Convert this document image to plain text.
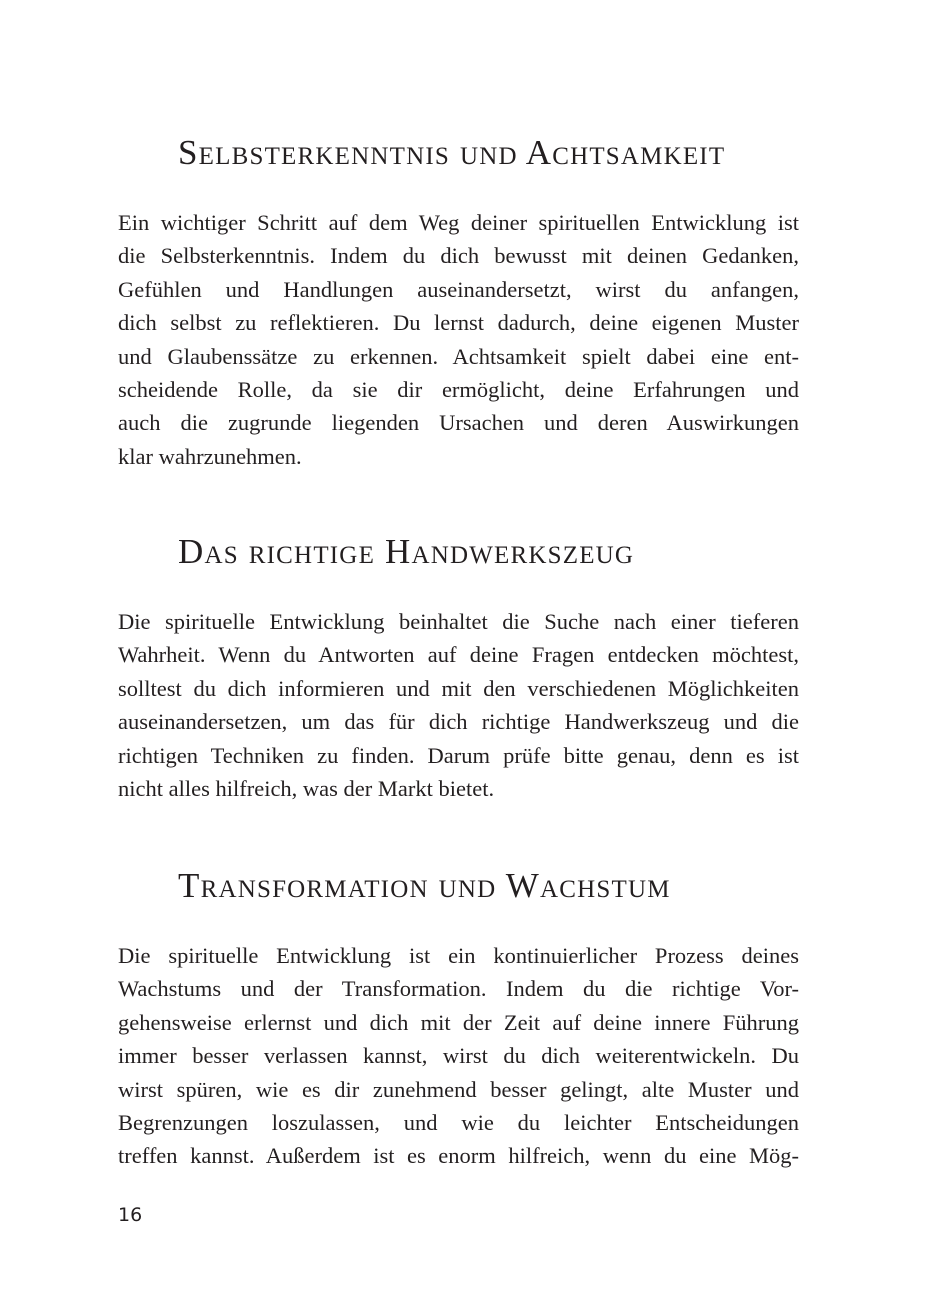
Selbsterkenntnis und Achtsamkeit
Ein wichtiger Schritt auf dem Weg deiner spirituellen Entwicklung ist
die Selbsterkenntnis. Indem du dich bewusst mit deinen Gedanken,
Gefühlen und Handlungen auseinandersetzt, wirst du anfangen,
dich selbst zu reflektieren. Du lernst dadurch, deine eigenen Muster
und Glaubenssätze zu erkennen. Achtsamkeit spielt dabei eine ent-
scheidende Rolle, da sie dir ermöglicht, deine Erfahrungen und
auch die zugrunde liegenden Ursachen und deren Auswirkungen
klar wahrzunehmen.
Das richtige Handwerkszeug
Die spirituelle Entwicklung beinhaltet die Suche nach einer tieferen
Wahrheit. Wenn du Antworten auf deine Fragen entdecken möchtest,
solltest du dich informieren und mit den verschiedenen Möglichkeiten
auseinandersetzen, um das für dich richtige Handwerkszeug und die
richtigen Techniken zu finden. Darum prüfe bitte genau, denn es ist
nicht alles hilfreich, was der Markt bietet.
Transformation und Wachstum
Die spirituelle Entwicklung ist ein kontinuierlicher Prozess deines
Wachstums und der Transformation. Indem du die richtige Vor-
gehensweise erlernst und dich mit der Zeit auf deine innere Führung
immer besser verlassen kannst, wirst du dich weiterentwickeln. Du
wirst spüren, wie es dir zunehmend besser gelingt, alte Muster und
Begrenzungen loszulassen, und wie du leichter Entscheidungen
treffen kannst. Außerdem ist es enorm hilfreich, wenn du eine Mög-
16
